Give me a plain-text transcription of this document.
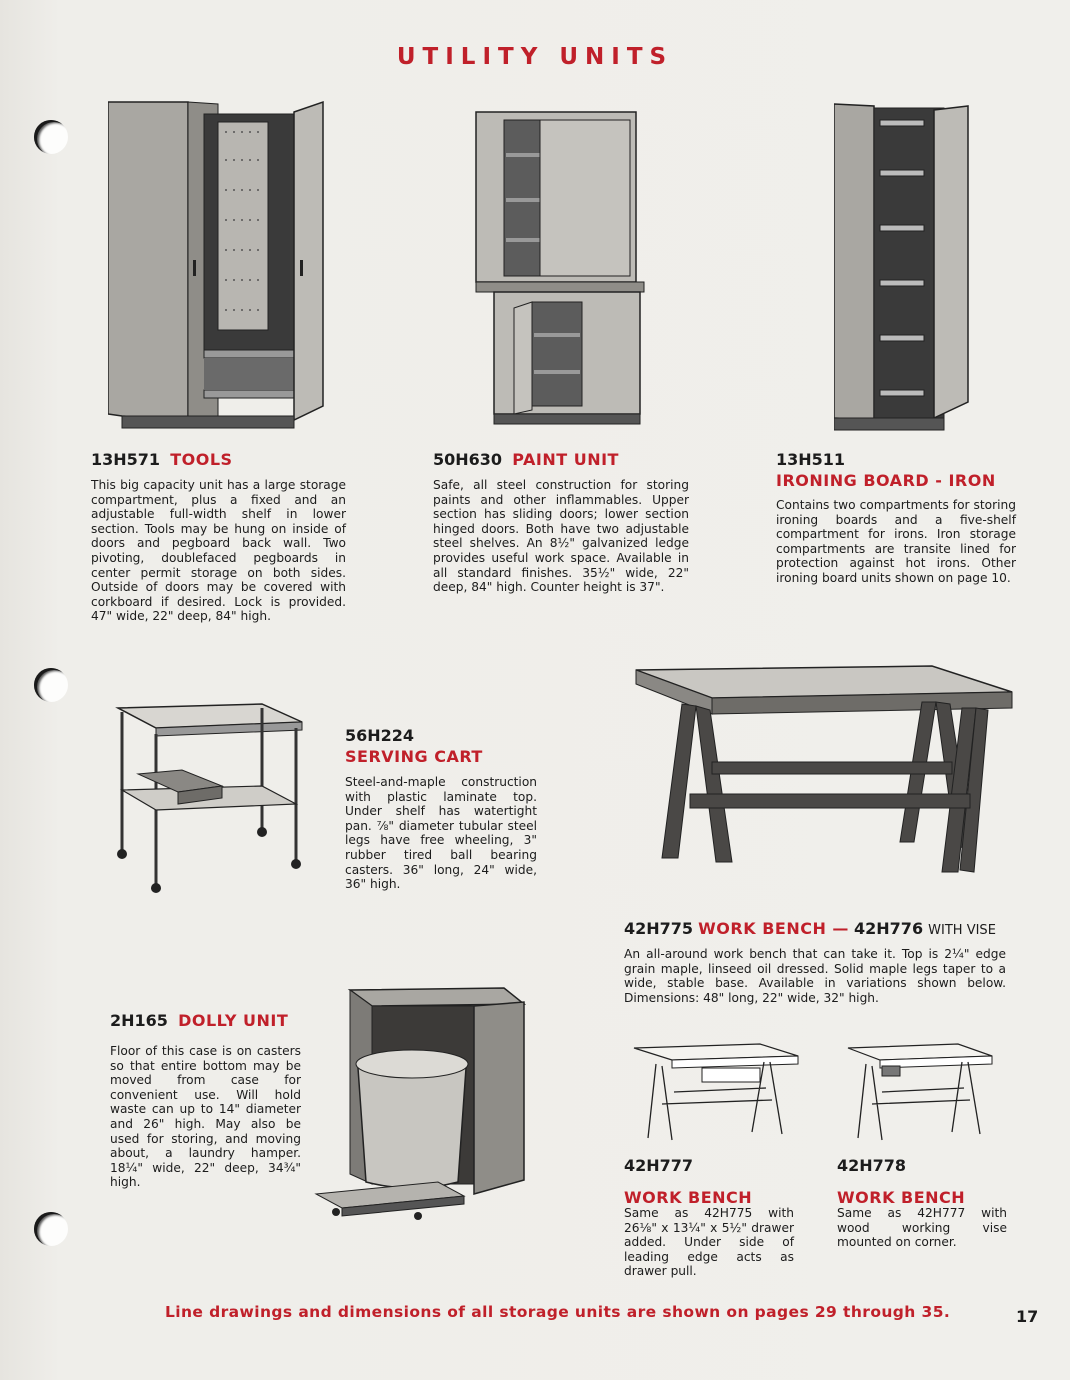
UTILITY UNITS
13H571 TOOLS

This big capacity unit has a large storage compartment, plus a fixed and an adjustable full-width shelf in lower section. Tools may be hung on inside of doors and pegboard back wall. Two pivoting, doublefaced pegboards in center permit storage on both sides. Outside of doors may be covered with corkboard if desired. Lock is provided. 47" wide, 22" deep, 84" high.

50H630 PAINT UNIT

Safe, all steel construction for storing paints and other inflammables. Upper section has sliding doors; lower section hinged doors. Both have two adjustable steel shelves. An 8½" galvanized ledge provides useful work space. Available in all standard finishes. 35½" wide, 22" deep, 84" high. Counter height is 37".

13H511
IRONING BOARD - IRON

Contains two compartments for storing ironing boards and a five-shelf compartment for irons. Iron storage compartments are transite lined for protection against hot irons. Other ironing board units shown on page 10.

56H224
SERVING CART

Steel-and-maple construction with plastic laminate top. Under shelf has watertight pan. ⅞" diameter tubular steel legs have free wheeling, 3" rubber tired ball bearing casters. 36" long, 24" wide, 36" high.

42H775 WORK BENCH — 42H776 WITH VISE

An all-around work bench that can take it. Top is 2¼" edge grain maple, linseed oil dressed. Solid maple legs taper to a wide, stable base. Available in variations shown below. Dimensions: 48" long, 22" wide, 32" high.

2H165 DOLLY UNIT

Floor of this case is on casters so that entire bottom may be moved from case for convenient use. Will hold waste can up to 14" diameter and 26" high. May also be used for storing, and moving about, a laundry hamper. 18¼" wide, 22" deep, 34¾" high.

42H777
WORK BENCH

Same as 42H775 with 26⅛" x 13¼" x 5½" drawer added. Under side of leading edge acts as drawer pull.

42H778
WORK BENCH

Same as 42H777 with wood working vise mounted on corner.

Line drawings and dimensions of all storage units are shown on pages 29 through 35.	17
